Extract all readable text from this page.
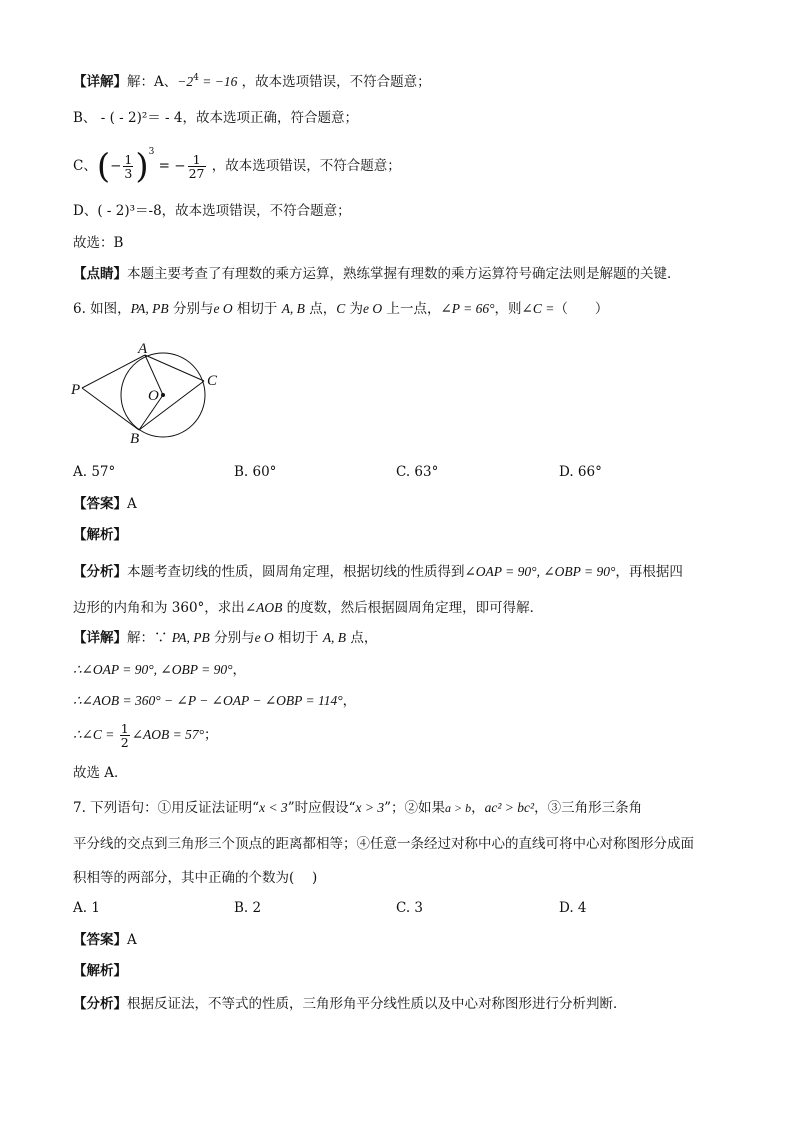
【详解】解：A、$-2^4 = -16$ ，故本选项错误，不符合题意；
B、 - ( - 2)²＝ - 4，故本选项正确，符合题意；
C、(− $\frac{1}{3} )^3$ = − $\frac{1}{27}$ ，故本选项错误，不符合题意；
D、( - 2)³＝-8，故本选项错误，不符合题意；
故选：B
【点睛】本题主要考查了有理数的乘方运算，熟练掌握有理数的乘方运算符号确定法则是解题的关键．
6. 如图，PA, PB 分别与e O 相切于 A, B 点，C 为e O 上一点，∠P = 66°，则∠C =（　　）
A
B
C
O
P
A. 57°	B. 60°	C. 63°	D. 66°
【答案】A
【解析】
【分析】本题考查切线的性质，圆周角定理，根据切线的性质得到∠OAP = 90°, ∠OBP = 90°，再根据四
边形的内角和为 360°，求出∠AOB 的度数，然后根据圆周角定理，即可得解．
【详解】解：∵ PA, PB 分别与e O 相切于 A, B 点，
∴∠OAP = 90°, ∠OBP = 90°，
∴∠AOB = 360° − ∠P − ∠OAP − ∠OBP = 114°，
∴∠C = $\frac{1}{2}$ ∠AOB = 57°；
故选 A．
7. 下列语句：①用反证法证明“x < 3”时应假设“x > 3”；②如果a > b，ac² > bc²，③三角形三条角
平分线的交点到三角形三个顶点的距离都相等；④任意一条经过对称中心的直线可将中心对称图形分成面
积相等的两部分，其中正确的个数为(　 )
A. 1	B. 2	C. 3	D. 4
【答案】A
【解析】
【分析】根据反证法，不等式的性质，三角形角平分线性质以及中心对称图形进行分析判断．
